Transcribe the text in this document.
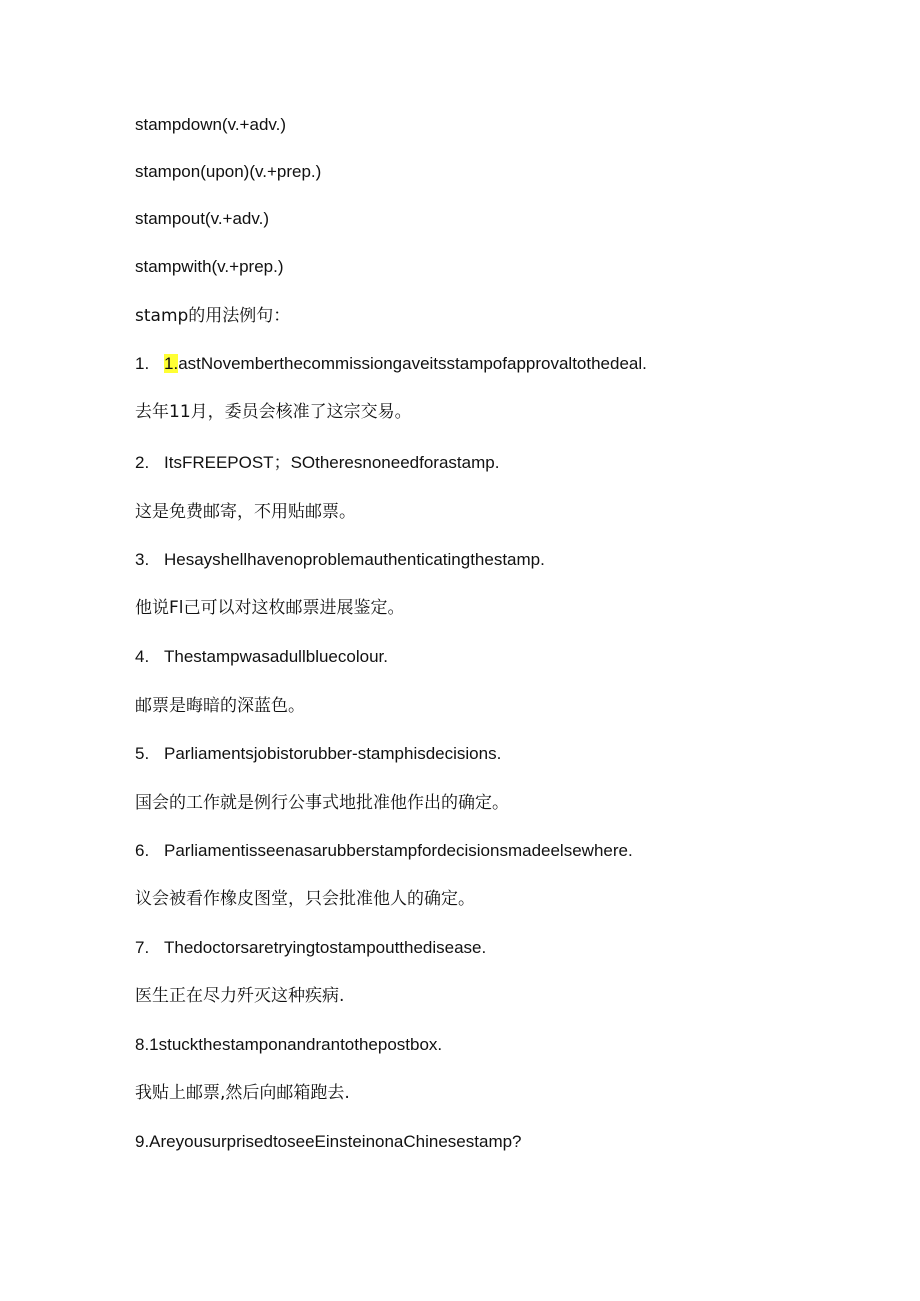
stampdown(v.+adv.)
stampon(upon)(v.+prep.)
stampout(v.+adv.)
stampwith(v.+prep.)
stamp的用法例句：
1. 1.astNovemberthecommissiongaveitsstampofapprovaltothedeal.
去年11月，委员会核准了这宗交易。
2. ItsFREEPOST；SOtheresnoneedforastamp.
这是免费邮寄，不用贴邮票。
3. Hesayshellhavenoproblemauthenticatingthestamp.
他说Fl己可以对这枚邮票进展鉴定。
4. Thestampwasadullbluecolour.
邮票是晦暗的深蓝色。
5. Parliamentsjobistorubber-stamphisdecisions.
国会的工作就是例行公事式地批准他作出的确定。
6. Parliamentisseenasarubberstampfordecisionsmadeelsewhere.
议会被看作橡皮图堂，只会批准他人的确定。
7. Thedoctorsaretryingtostampoutthedisease.
医生正在尽力歼灭这种疾病.
8.1stuckthestamponandrantothepostbox.
我贴上邮票,然后向邮箱跑去.
9.AreyousurprisedtoseeEinsteinonaChinesestamp?
